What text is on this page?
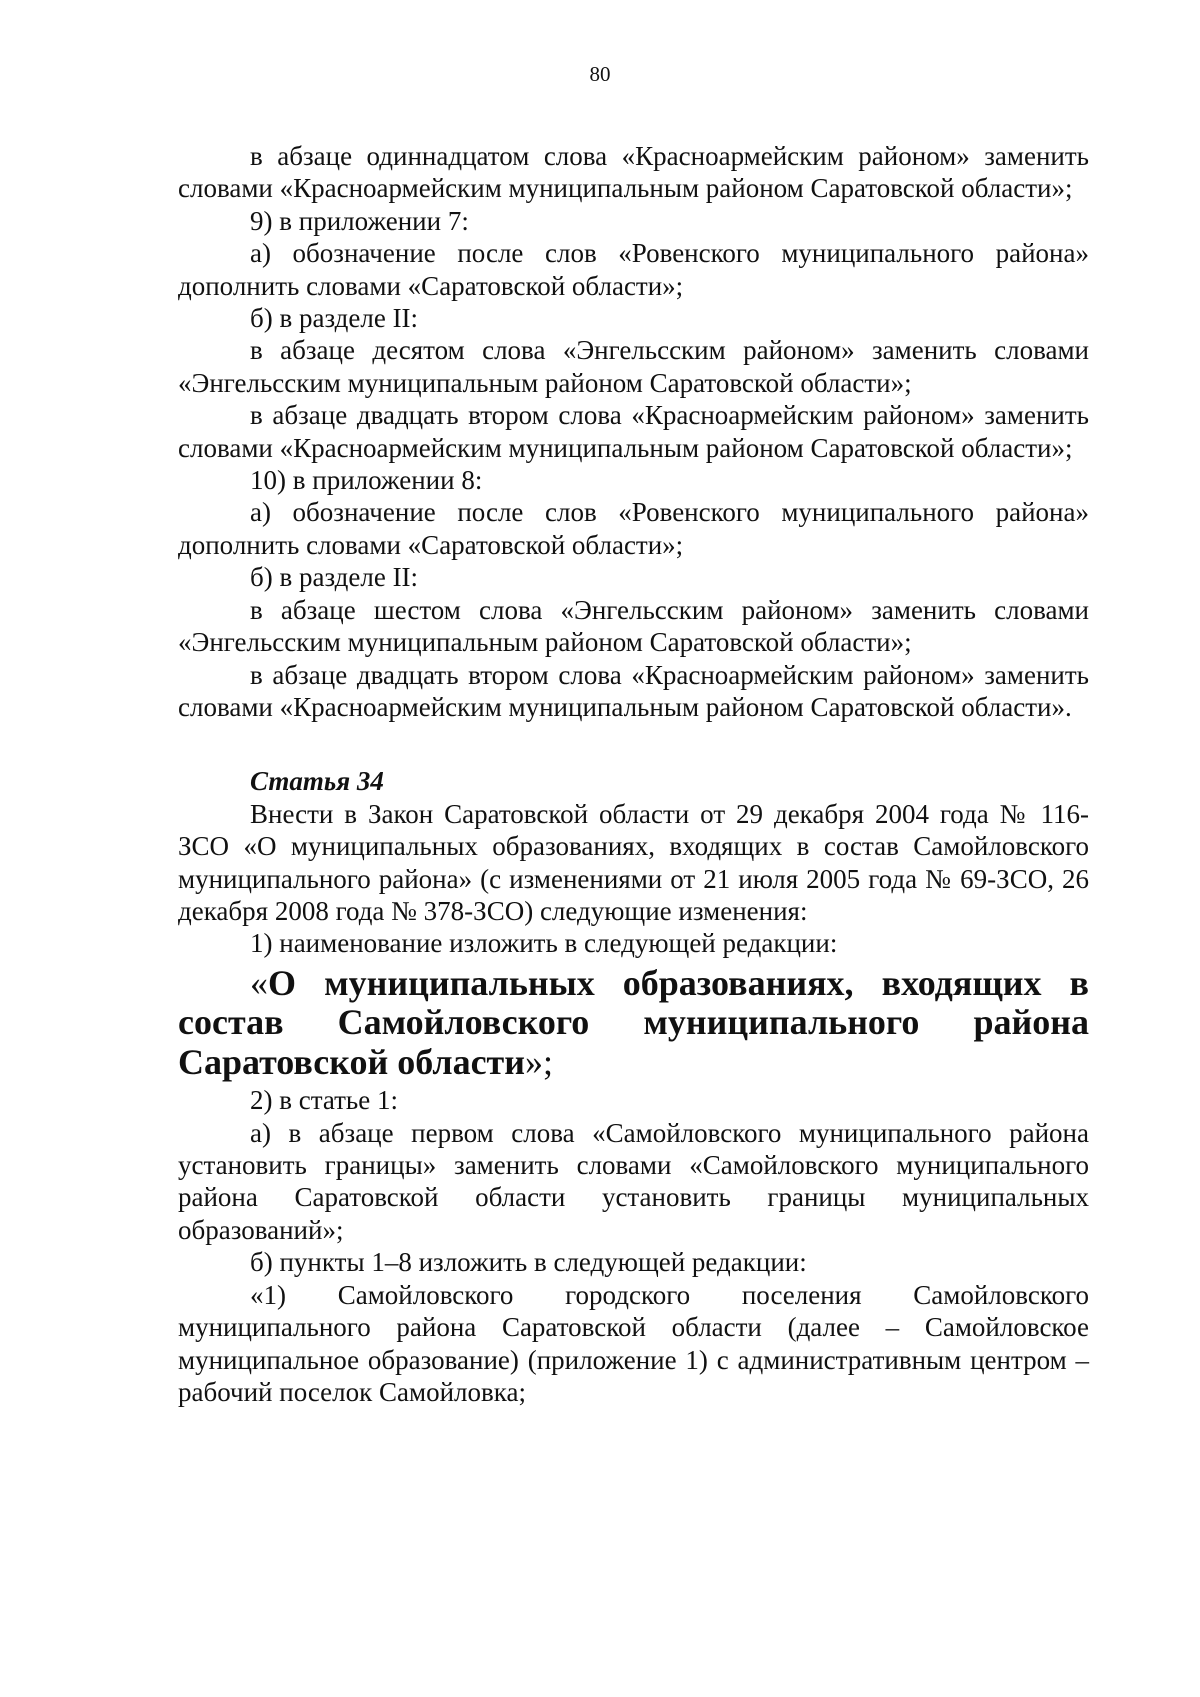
80

в абзаце одиннадцатом слова «Красноармейским районом» заменить словами «Красноармейским муниципальным районом Саратовской области»;

9) в приложении 7:

а) обозначение после слов «Ровенского муниципального района» дополнить словами «Саратовской области»;

б) в разделе II:

в абзаце десятом слова «Энгельсским районом» заменить словами «Энгельсским муниципальным районом Саратовской области»;

в абзаце двадцать втором слова «Красноармейским районом» заменить словами «Красноармейским муниципальным районом Саратовской области»;

10) в приложении 8:

а) обозначение после слов «Ровенского муниципального района» дополнить словами «Саратовской области»;

б) в разделе II:

в абзаце шестом слова «Энгельсским районом» заменить словами «Энгельсским муниципальным районом Саратовской области»;

в абзаце двадцать втором слова «Красноармейским районом» заменить словами «Красноармейским муниципальным районом Саратовской области».

Статья 34

Внести в Закон Саратовской области от 29 декабря 2004 года № 116-ЗСО «О муниципальных образованиях, входящих в состав Самойловского муниципального района» (с изменениями от 21 июля 2005 года № 69-ЗСО, 26 декабря 2008 года № 378-ЗСО) следующие изменения:

1) наименование изложить в следующей редакции:

«О муниципальных образованиях, входящих в состав Самойловского муниципального района Саратовской области»;

2) в статье 1:

а) в абзаце первом слова «Самойловского муниципального района установить границы» заменить словами «Самойловского муниципального района Саратовской области установить границы муниципальных образований»;

б) пункты 1–8 изложить в следующей редакции:

«1) Самойловского городского поселения Самойловского муниципального района Саратовской области (далее – Самойловское муниципальное образование) (приложение 1) с административным центром – рабочий поселок Самойловка;
